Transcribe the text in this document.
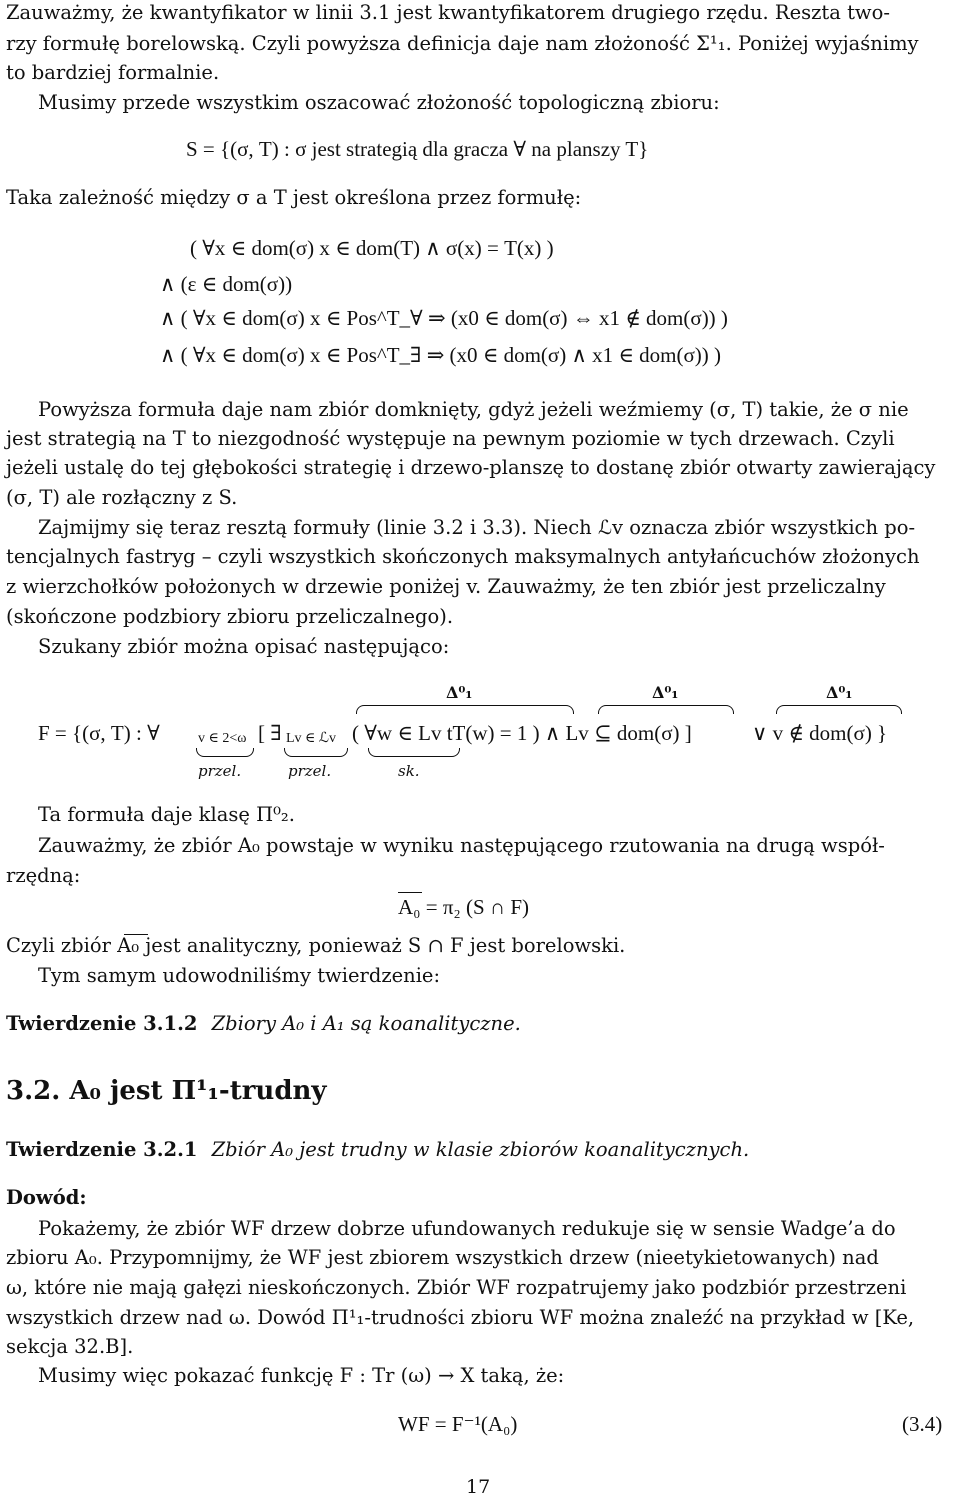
Zauważmy, że kwantyfikator w linii 3.1 jest kwantyfikatorem drugiego rzędu. Reszta two-
rzy formułę borelowską. Czyli powyższa definicja daje nam złożoność Σ¹₁. Poniżej wyjaśnimy
to bardziej formalnie.
Musimy przede wszystkim oszacować złożoność topologiczną zbioru:
S = {(σ, T) : σ jest strategią dla gracza ∀ na planszy T}
Taka zależność między σ a T jest określona przez formułę:
( ∀x ∈ dom(σ) x ∈ dom(T) ∧ σ(x) = T(x) )
∧ (ε ∈ dom(σ))
∧ ( ∀x ∈ dom(σ) x ∈ Pos^T_∀ ⇒ (x0 ∈ dom(σ) ⇔ x1 ∉ dom(σ)) )
∧ ( ∀x ∈ dom(σ) x ∈ Pos^T_∃ ⇒ (x0 ∈ dom(σ) ∧ x1 ∈ dom(σ)) )
Powyższa formuła daje nam zbiór domknięty, gdyż jeżeli weźmiemy (σ, T) takie, że σ nie
jest strategią na T to niezgodność występuje na pewnym poziomie w tych drzewach. Czyli
jeżeli ustalę do tej głębokości strategię i drzewo-planszę to dostanę zbiór otwarty zawierający
(σ, T) ale rozłączny z S.
Zajmijmy się teraz resztą formuły (linie 3.2 i 3.3). Niech ℒv oznacza zbiór wszystkich po-
tencjalnych fastryg – czyli wszystkich skończonych maksymalnych antyłańcuchów złożonych
z wierzchołków położonych w drzewie poniżej v. Zauważmy, że ten zbiór jest przeliczalny
(skończone podzbiory zbioru przeliczalnego).
Szukany zbiór można opisać następująco:
F = {(σ, T) : ∀	v ∈ 2<ω [ ∃ Lv ∈ ℒv ( ∀w ∈ Lv tT(w) = 1 ) ∧ Lv ⊆ dom(σ) ]	∨ v ∉ dom(σ) }
Δ⁰₁	Δ⁰₁	Δ⁰₁
przel.	przel.	sk.
Ta formuła daje klasę Π⁰₂.
Zauważmy, że zbiór A₀ powstaje w wyniku następującego rzutowania na drugą współ-
rzędną:
A₀ = π₂ (S ∩ F)
Czyli zbiór A₀ jest analityczny, ponieważ S ∩ F jest borelowski.
Tym samym udowodniliśmy twierdzenie:
Twierdzenie 3.1.2 Zbiory A₀ i A₁ są koanalityczne.
3.2. A₀ jest Π¹₁-trudny
Twierdzenie 3.2.1 Zbiór A₀ jest trudny w klasie zbiorów koanalitycznych.
Dowód:
Pokażemy, że zbiór WF drzew dobrze ufundowanych redukuje się w sensie Wadge’a do
zbioru A₀. Przypomnijmy, że WF jest zbiorem wszystkich drzew (nieetykietowanych) nad
ω, które nie mają gałęzi nieskończonych. Zbiór WF rozpatrujemy jako podzbiór przestrzeni
wszystkich drzew nad ω. Dowód Π¹₁-trudności zbioru WF można znaleźć na przykład w [Ke,
sekcja 32.B].
Musimy więc pokazać funkcję F : Tr (ω) → X taką, że:
WF = F⁻¹(A₀)	(3.4)
17
